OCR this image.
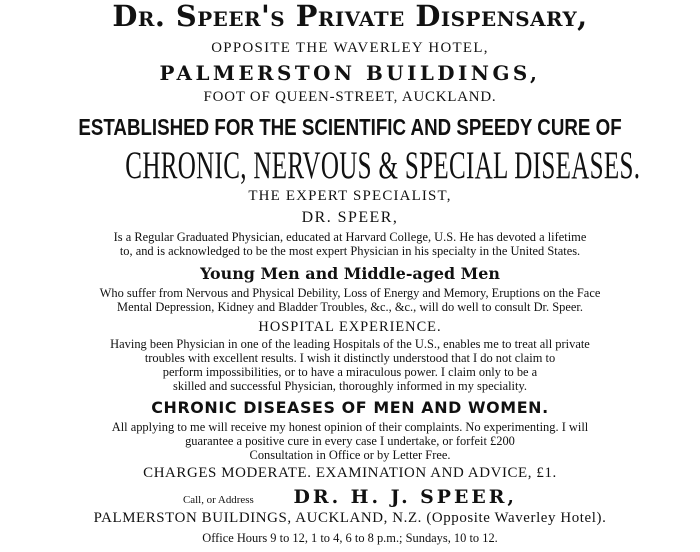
Dr. Speer's Private Dispensary,
OPPOSITE THE WAVERLEY HOTEL,
PALMERSTON BUILDINGS,
FOOT OF QUEEN-STREET, AUCKLAND.
ESTABLISHED FOR THE SCIENTIFIC AND SPEEDY CURE OF
CHRONIC, NERVOUS & SPECIAL DISEASES.
THE EXPERT SPECIALIST,
DR. SPEER,
Is a Regular Graduated Physician, educated at Harvard College, U.S. He has devoted a lifetime
to, and is acknowledged to be the most expert Physician in his specialty in the United States.
Young Men and Middle-aged Men
Who suffer from Nervous and Physical Debility, Loss of Energy and Memory, Eruptions on the Face
Mental Depression, Kidney and Bladder Troubles, &c., &c., will do well to consult Dr. Speer.
HOSPITAL EXPERIENCE.
Having been Physician in one of the leading Hospitals of the U.S., enables me to treat all private
troubles with excellent results. I wish it distinctly understood that I do not claim to
perform impossibilities, or to have a miraculous power. I claim only to be a
skilled and successful Physician, thoroughly informed in my speciality.
CHRONIC DISEASES OF MEN AND WOMEN.
All applying to me will receive my honest opinion of their complaints. No experimenting. I will
guarantee a positive cure in every case I undertake, or forfeit £200
Consultation in Office or by Letter Free.
CHARGES MODERATE. EXAMINATION AND ADVICE, £1.
Call, or Address DR. H. J. SPEER,
PALMERSTON BUILDINGS, AUCKLAND, N.Z. (Opposite Waverley Hotel).
Office Hours 9 to 12, 1 to 4, 6 to 8 p.m.; Sundays, 10 to 12.
